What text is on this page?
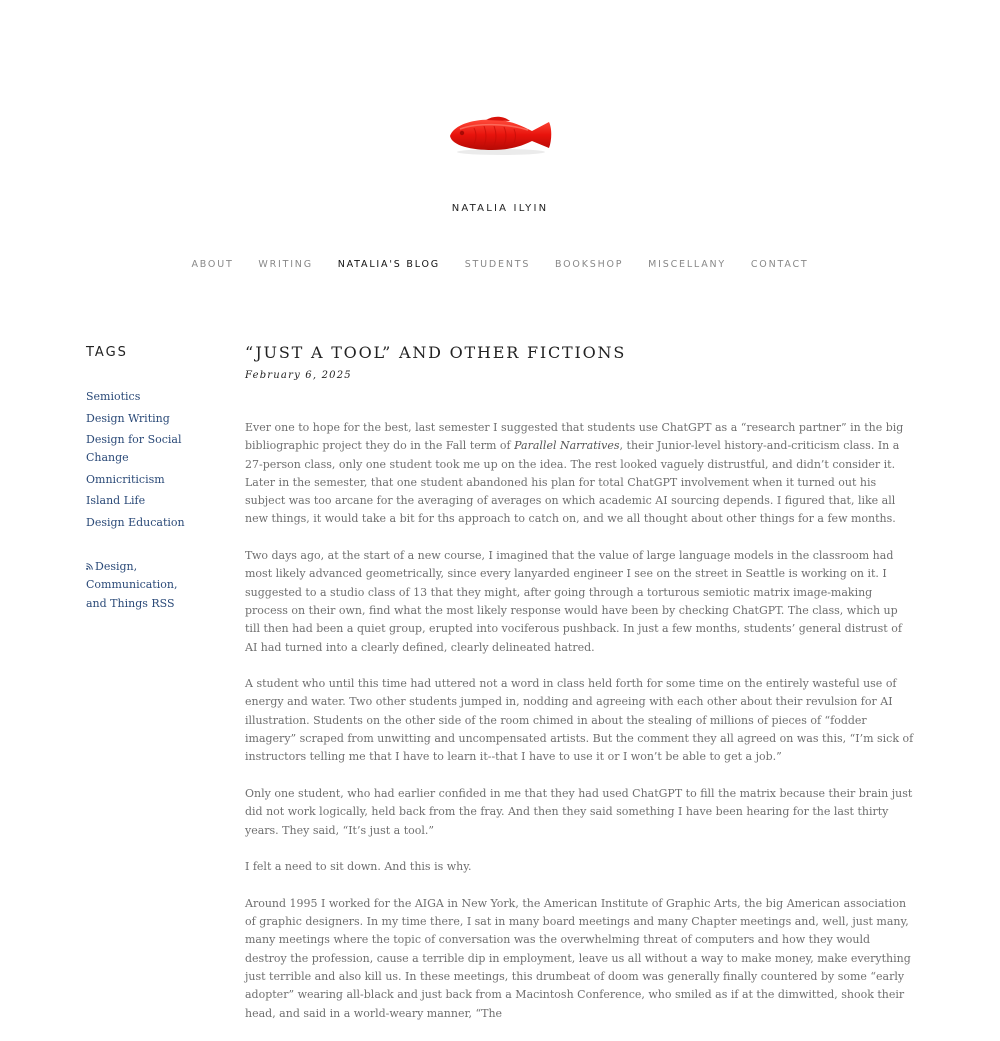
NATALIA ILYIN
ABOUT	WRITING	NATALIA'S BLOG	STUDENTS	BOOKSHOP	MISCELLANY	CONTACT
TAGS
Semiotics
Design Writing
Design for Social Change
Omnicriticism
Island Life
Design Education
Design, Communication, and Things RSS
“JUST A TOOL” AND OTHER FICTIONS
February 6, 2025

Ever one to hope for the best, last semester I suggested that students use ChatGPT as a “research partner” in the big bibliographic project they do in the Fall term of Parallel Narratives, their Junior-level history-and-criticism class. In a 27-person class, only one student took me up on the idea. The rest looked vaguely distrustful, and didn’t consider it. Later in the semester, that one student abandoned his plan for total ChatGPT involvement when it turned out his subject was too arcane for the averaging of averages on which academic AI sourcing depends. I figured that, like all new things, it would take a bit for ths approach to catch on, and we all thought about other things for a few months.

Two days ago, at the start of a new course, I imagined that the value of large language models in the classroom had most likely advanced geometrically, since every lanyarded engineer I see on the street in Seattle is working on it. I suggested to a studio class of 13 that they might, after going through a torturous semiotic matrix image-making process on their own, find what the most likely response would have been by checking ChatGPT. The class, which up till then had been a quiet group, erupted into vociferous pushback. In just a few months, students’ general distrust of AI had turned into a clearly defined, clearly delineated hatred.

A student who until this time had uttered not a word in class held forth for some time on the entirely wasteful use of energy and water. Two other students jumped in, nodding and agreeing with each other about their revulsion for AI illustration. Students on the other side of the room chimed in about the stealing of millions of pieces of “fodder imagery” scraped from unwitting and uncompensated artists. But the comment they all agreed on was this, “I’m sick of instructors telling me that I have to learn it--that I have to use it or I won’t be able to get a job.”

Only one student, who had earlier confided in me that they had used ChatGPT to fill the matrix because their brain just did not work logically, held back from the fray. And then they said something I have been hearing for the last thirty years. They said, “It’s just a tool.”

I felt a need to sit down. And this is why.

Around 1995 I worked for the AIGA in New York, the American Institute of Graphic Arts, the big American association of graphic designers. In my time there, I sat in many board meetings and many Chapter meetings and, well, just many, many meetings where the topic of conversation was the overwhelming threat of computers and how they would destroy the profession, cause a terrible dip in employment, leave us all without a way to make money, make everything just terrible and also kill us. In these meetings, this drumbeat of doom was generally finally countered by some “early adopter” wearing all-black and just back from a Macintosh Conference, who smiled as if at the dimwitted, shook their head, and said in a world-weary manner, “The
